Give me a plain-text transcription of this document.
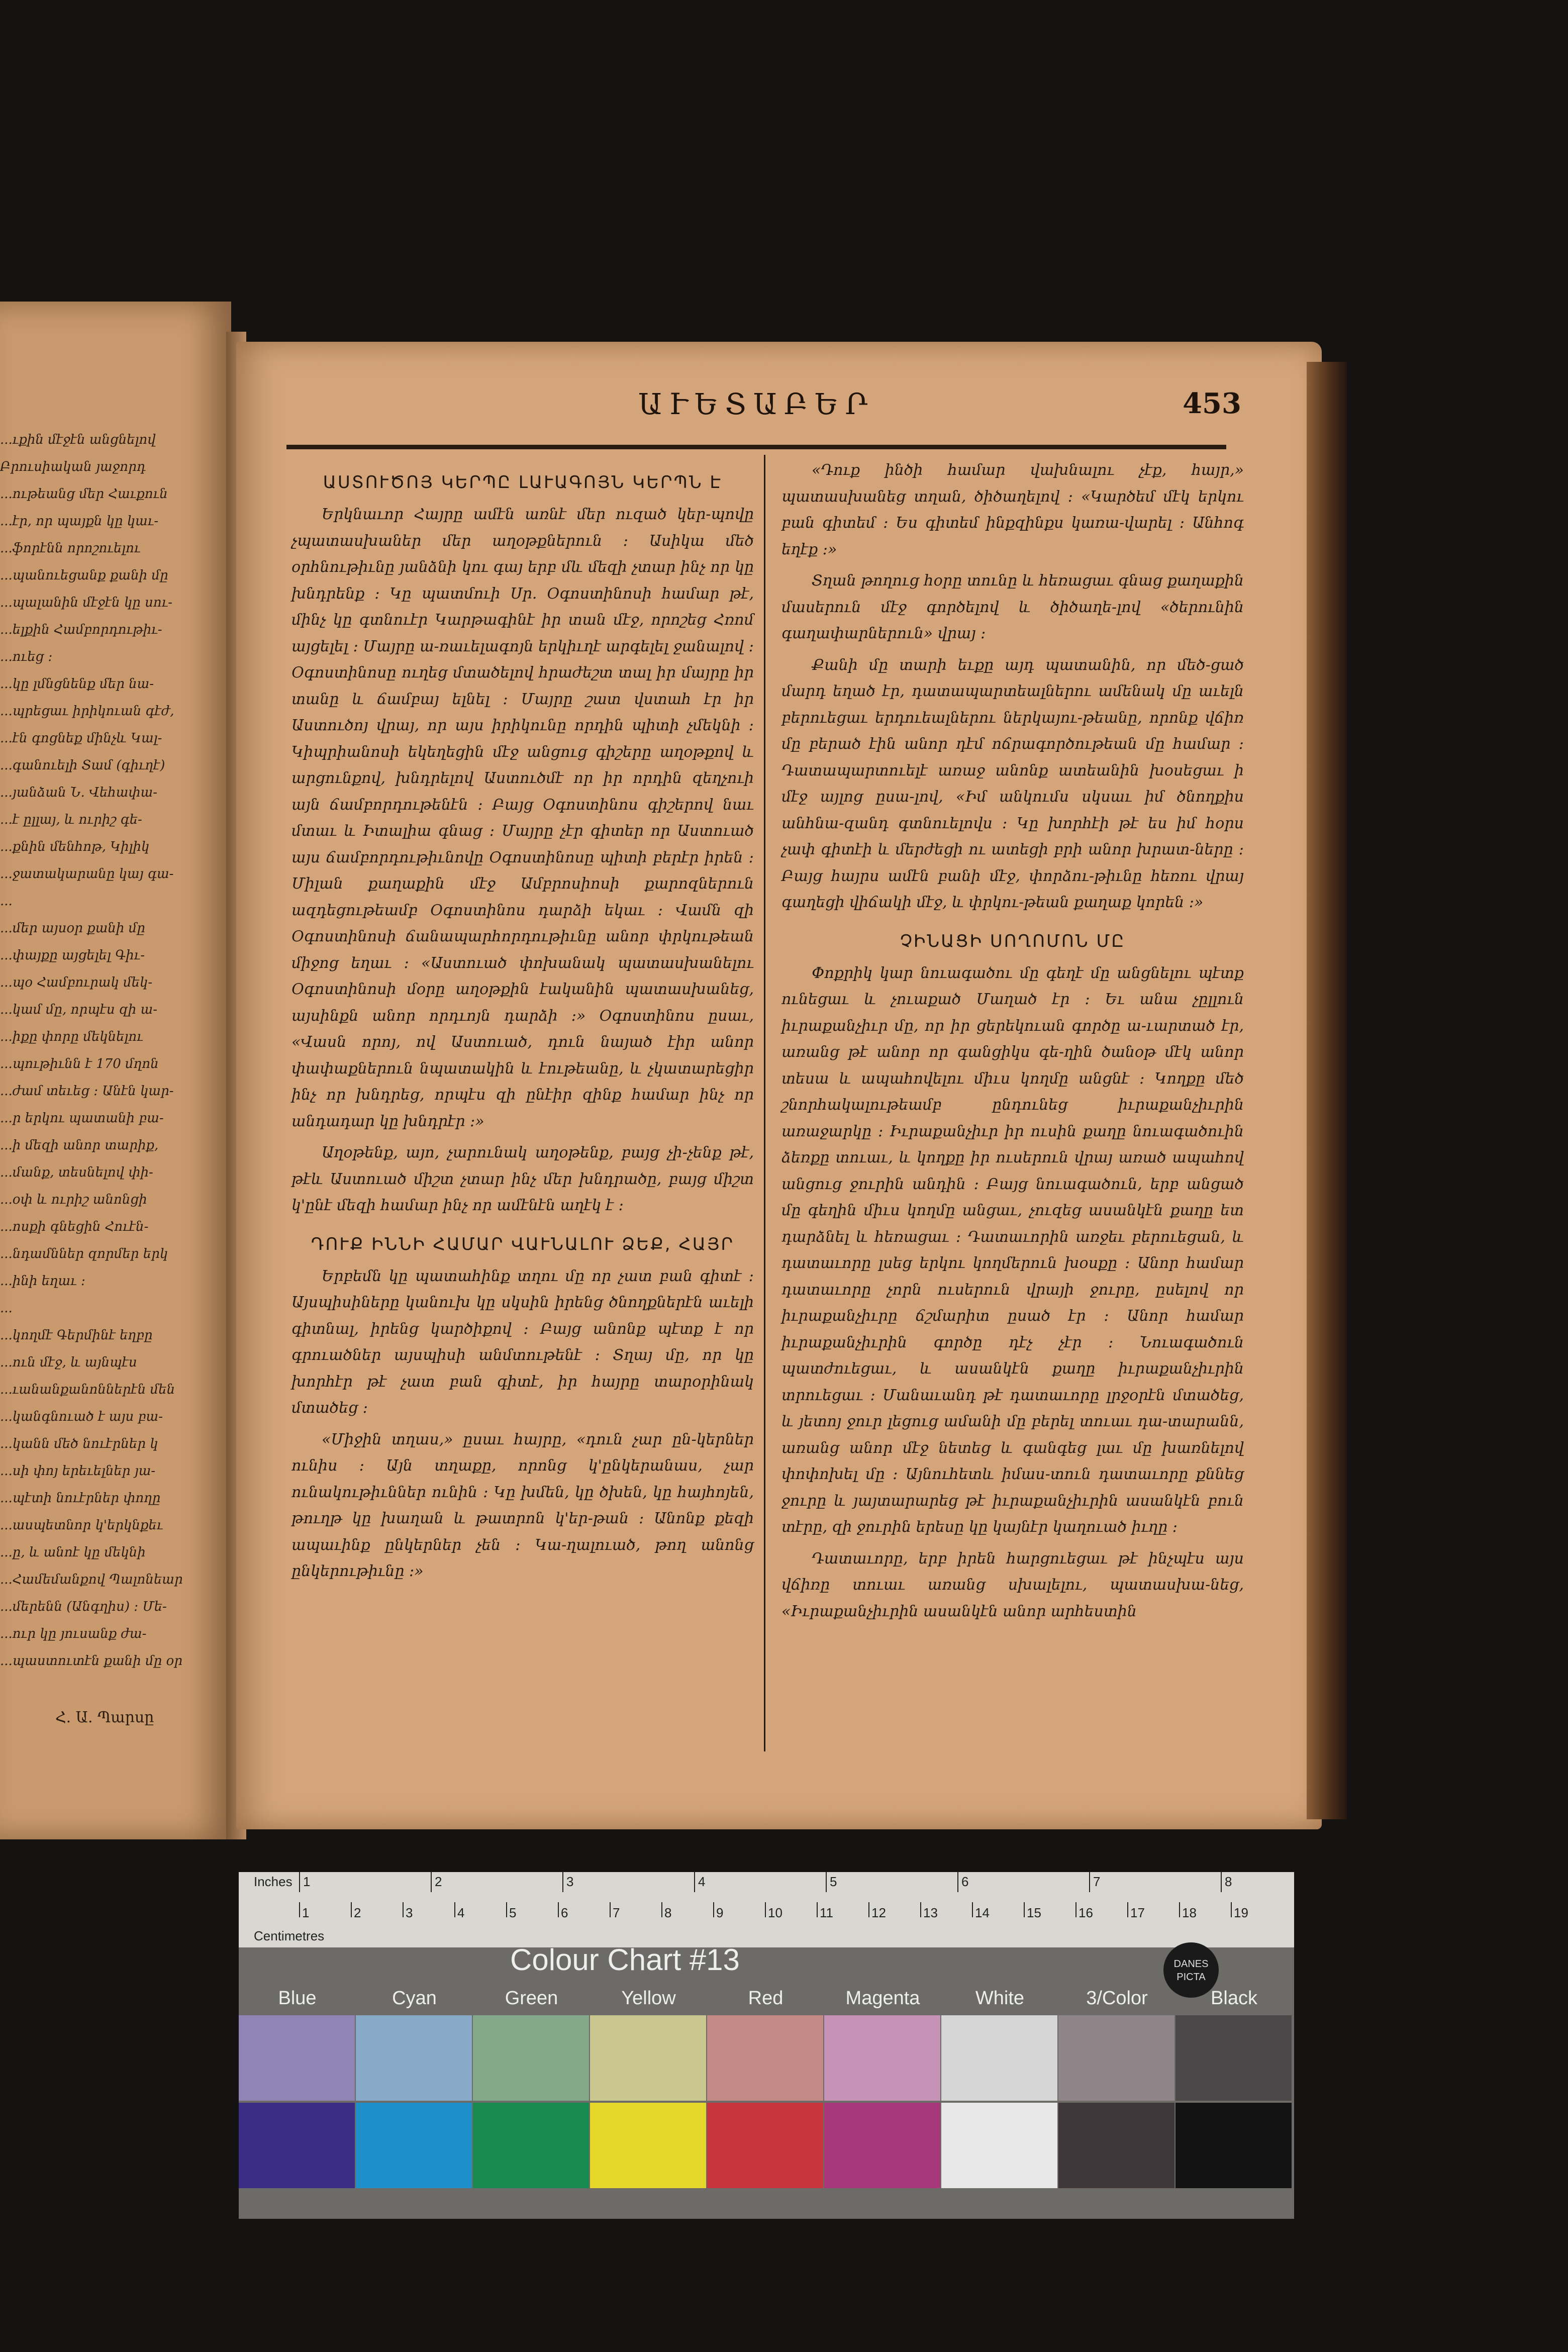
...ւքին մէջէն անցնելով
Բրուսիական յաջորդ
...ութեանց մեր Հաւքուն
...էր, որ պայքն կը կաւ-
...ֆորէնն որոշուելու
...պանուեցանք քանի մը
...պալանին մէջէն կը սու-
...ելքին Համբորդութիւ-
...ուեց ։
...կը լմնցնենք մեր նա-
...պրեցաւ իրիկուան գէժ,
...էն գոցնեք մինչև Կալ-
...գանուելի Տամ (գիւղէ)
...յանձան Ն. Վեհափա-
...է ըլլայ, և ուրիշ գե-
...քնին մենհոթ, Կիլիկ
...ջատակարանը կայ գա-
...
...մեր այսօր քանի մը
...փայքը այցելել Գիւ-
...պօ Համբուրակ մեկ-
...կամ մը, որպէս զի ա-
...իքը փորը մեկնելու
...պութիւնն է 170 մղոն
...ժամ տեւեց ։ Անէն կար-
...ր երկու պատանի բա-
...ի մեզի անոր տարիք,
...մանք, տեսնելով փի-
...օփ և ուրիշ անոնցի
...ոսքի գնեցին Հուէն-
...նդամններ զորմեր երկ
...ինի եղաւ ։
...
...կողմէ Գերմինէ եղբը
...ուն մէջ, և այնպէս
...ւանանքանոններէն մեն
...կանգնուած է այս բա-
...կանն մեծ նուէրներ կ
...սի փոյ երեւելներ յա-
...պէտի նուէրներ փողը
...ասպետնոր կ'երկնքեւ
...ը, և անոէ կը մեկնի
...Համեմանքով Պալոնեար
...մերենն (Անգղիս) ։ Մե-
...ուր կը յուսանք ժա-
...պաստուտէն քանի մը օր
Հ. Ա. Պարսը
ԱՒԵՏԱԲԵՐ	453
ԱՍՏՈՒԾՈՅ ԿԵՐՊԸ ԼԱՒԱԳՈՅՆ ԿԵՐՊՆ Է

Երկնաւոր Հայրը ամէն առնէ մեր ուզած կեր-պովը չպատասխաներ մեր աղօթքներուն ։ Ասիկա մեծ օրհնութիւնը յանձնի կու գայ երբ մև մեզի չտար ինչ որ կը խնդրենք ։ Կը պատմուի Սր. Օգոստինոսի համար թէ, մինչ կը գտնուէր Կարթագինէ իր տան մէջ, որոշեց Հռոմ այցելել ։ Մայրը ա-ռաւելագոյն երկիւղէ արգելել ջանալով ։ Օգոստինոսը ուղեց մտածելով հրաժեշտ տալ իր մայրը իր տանը և ճամբայ ելնել ։ Մայրը շատ վստահ էր իր Աստուծոյ վրայ, որ այս իրիկունը որդին պիտի չմեկնի ։ Կիպրիանոսի եկեղեցին մէջ անցուց գիշերը աղօթքով և արցունքով, խնդրելով Աստուծմէ որ իր որդին զեղչուի այն ճամբորդութենէն ։ Բայց Օգոստինոս գիշերով նաւ մտաւ և Իտալիա գնաց ։ Մայրը չէր գիտեր որ Աստուած այս ճամբորդութիւնովը Օգոստինոսը պիտի բերէր իրեն ։ Միլան քաղաքին մէջ Ամբրոսիոսի քարոզներուն ազդեցութեամբ Օգոստինոս դարձի եկաւ ։ Վամն զի Օգոստինոսի ճանապարհորդութիւնը անոր փրկութեան միջոց եղաւ ։ «Աստուած փոխանակ պատասխանելու Օգոստինոսի մօրը աղօթքին էականին պատասխանեց, այսինքն անոր որդւոյն դարձի ։» Օգոստինոս ըսաւ, «Վասն որոյ, ով Աստուած, դուն նայած էիր անոր փափաքներուն նպատակին և էութեանը, և չկատարեցիր ինչ որ խնդրեց, որպէս զի ընէիր զինք համար ինչ որ անդադար կը խնդրէր ։»

Աղօթենք, այո, չարունակ աղօթենք, բայց չի-չենք թէ, թէև Աստուած միշտ չտար ինչ մեր խնդրածը, բայց միշտ կ'ընէ մեզի համար ինչ որ ամէնէն աղէկ է ։

ԴՈՒՔ ԻՆՆԻ ՀԱՄԱՐ ՎԱՒՆԱԼՈՒ ՁԵՔ, ՀԱՅՐ

Երբեմն կը պատահինք տղու մը որ չատ բան գիտէ ։ Այսպիսիները կանուխ կը սկսին իրենց ծնողքներէն աւելի գիտնալ, իրենց կարծիքով ։ Բայց անոնք պէտք է որ գրուածներ այսպիսի անմտութենէ ։ Տղայ մը, որ կը խորհէր թէ չատ բան գիտէ, իր հայրը տարօրինակ մտածեց ։

«Միջին տղաս,» ըսաւ հայրը, «դուն չար ըն-կերներ ունիս ։ Այն տղաքը, որոնց կ'ընկերանաս, չար ունակութիւններ ունին ։ Կը խմեն, կը ծխեն, կը հայհոյեն, թուղթ կը խաղան և թատրոն կ'եր-թան ։ Անոնք քեզի ապաւինք ընկերներ չեն ։ Կա-ղալուած, թող անոնց ընկերութիւնը ։»

«Դուք ինծի համար վախնալու չէք, հայր,» պատասխանեց տղան, ծիծաղելով ։ «Կարծեմ մէկ երկու բան գիտեմ ։ Ես գիտեմ ինքզինքս կառա-վարել ։ Անհոգ եղէք ։»

Տղան թողուց հօրը տունը և հեռացաւ գնաց քաղաքին մասերուն մէջ գործելով և ծիծաղե-լով «ծերունին գաղափարներուն» վրայ ։

Քանի մը տարի եւքը այդ պատանին, որ մեծ-ցած մարդ եղած էր, դատապարտեալներու ամենակ մը աւելն բերուեցաւ երդուեալներու ներկայու-թեանը, որոնք վճիռ մը բերած էին անոր դէմ ոճրագործութեան մը համար ։ Դատապարտուելէ առաջ անոնք ատեանին խօսեցաւ ի մէջ այլոց ըսա-լով, «Իմ անկումս սկսաւ իմ ծնողքիս անհնա-զանդ գտնուելովս ։ Կը խորհէի թէ ես իմ հօրս չափ գիտէի և մերժեցի ու ատեցի բրի անոր խրատ-ները ։ Բայց հայրս ամէն բանի մէջ, փորձու-թիւնը հեռու վրայ գաղեցի վիճակի մէջ, և փրկու-թեան քաղաք կորեն ։»

ՉԻՆԱՑԻ ՍՈՂՈՄՈՆ ՄԸ

Փոքրիկ կար նուագածու մը գեղէ մը անցնելու պէտք ունեցաւ և չուաքած Մաղած էր ։ Եւ անա չըլլուն իւրաքանչիւր մը, որ իր ցերեկուան գործը ա-ւարտած էր, առանց թէ անոր որ գանցիկս գե-ղին ծանօթ մէկ անոր տեսա և ապահովելու միւս կողմը անցնէ ։ Կողքը մեծ շնորհակալութեամբ ընդունեց իւրաքանչիւրին առաջարկը ։ Իւրաքանչիւր իր ուսին քաղը նուագածուին ձեռքը տուաւ, և կողքը իր ուսերուն վրայ առած ապահով անցուց ջուրին անդին ։ Բայց նուագածուն, երբ անցած մը գեղին միւս կողմը անցաւ, չուզեց ասանկէն քաղը ետ դարձնել և հեռացաւ ։ Դատաւորին առջեւ բերուեցան, և դատաւորը լսեց երկու կողմերուն խօսքը ։ Անոր համար դատաւորը չորն ուսերուն վրայի ջուրը, ըսելով որ իւրաքանչիւրը ճշմարիտ ըսած էր ։ Անոր համար իւրաքանչիւրին գործը դէչ չէր ։ Նուագածուն պատժուեցաւ, և ասանկէն քաղը իւրաքանչիւրին տրուեցաւ ։ Մանաւանդ թէ դատաւորը լրջօրէն մտածեց, և յետոյ ջուր լեցուց ամանի մը բերել տուաւ դա-տարանն, առանց անոր մէջ նետեց և գանգեց լաւ մը խառնելով փոփոխել մը ։ Այնուհետև իմաս-տուն դատաւորը քննեց ջուրը և յայտարարեց թէ իւրաքանչիւրին ասանկէն բուն տէրը, զի ջուրին երեսը կը կայնէր կաղուած իւղը ։

Դատաւորը, երբ իրեն հարցուեցաւ թէ ինչպէս այս վճիռը տուաւ առանց սխալելու, պատասխա-նեց, «Իւրաքանչիւրին ասանկէն անոր արհեստին

Inches
Centimetres
1	2	3	4	5	6	7	8
1	2	3	4	5	6	7	8	9	10	11	12	13	14	15	16	17	18	19
Colour Chart #13	DANES PICTA
Blue	Cyan	Green	Yellow	Red	Magenta	White	3/Color	Black
